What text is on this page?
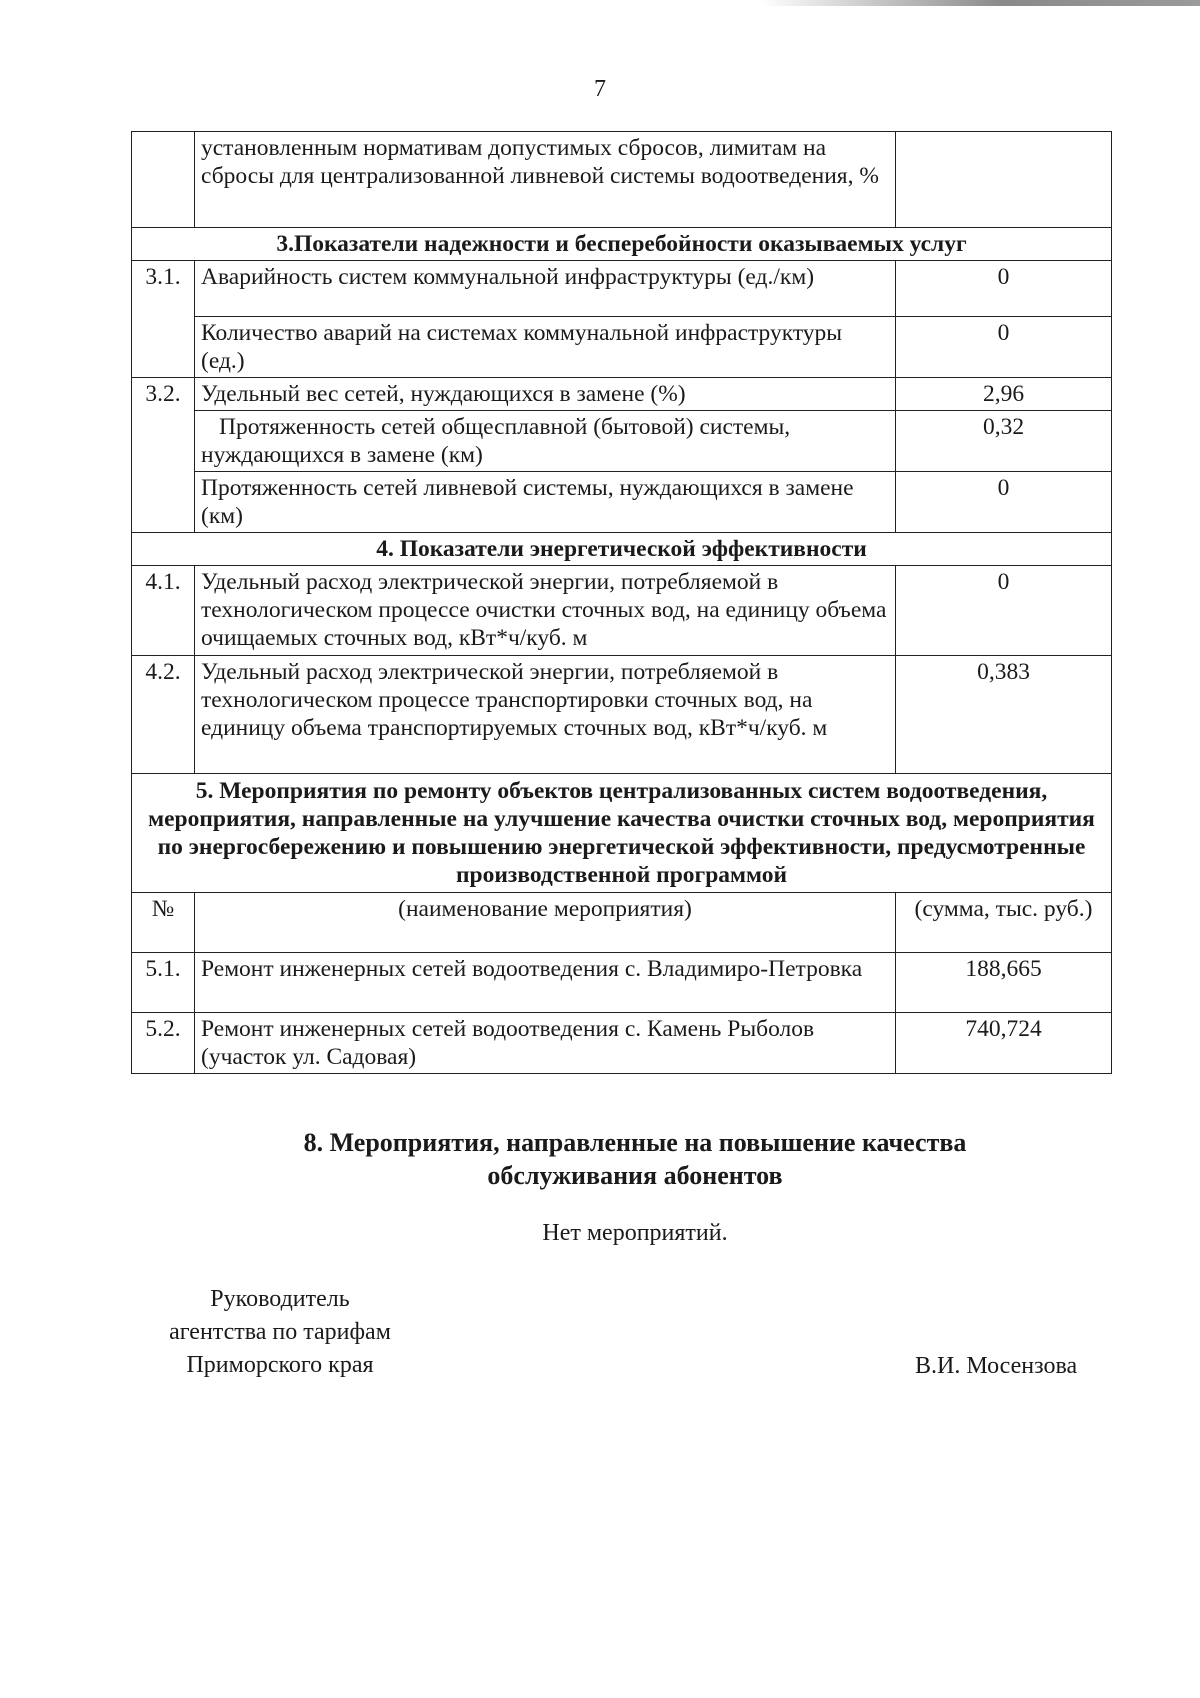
7
	установленным нормативам допустимых сбросов, лимитам на сбросы для централизованной ливневой системы водоотведения, %	
3.Показатели надежности и бесперебойности оказываемых услуг		
3.1.	Аварийность систем коммунальной инфраструктуры (ед./км)	0
	Количество аварий на системах коммунальной инфраструктуры (ед.)	0
3.2.	Удельный вес сетей, нуждающихся в замене (%)	2,96
	Протяженность сетей общесплавной (бытовой) системы, нуждающихся в замене (км)	0,32
	Протяженность сетей ливневой системы, нуждающихся в замене (км)	0
4. Показатели энергетической эффективности		
4.1.	Удельный расход электрической энергии, потребляемой в технологическом процессе очистки сточных вод, на единицу объема очищаемых сточных вод, кВт*ч/куб. м	0
4.2.	Удельный расход электрической энергии, потребляемой в технологическом процессе транспортировки сточных вод, на единицу объема транспортируемых сточных вод, кВт*ч/куб. м	0,383
5. Мероприятия по ремонту объектов централизованных систем водоотведения, мероприятия, направленные на улучшение качества очистки сточных вод, мероприятия по энергосбережению и повышению энергетической эффективности, предусмотренные производственной программой		
№	(наименование мероприятия)	(сумма, тыс. руб.)
5.1.	Ремонт инженерных сетей водоотведения с. Владимиро-Петровка	188,665
5.2.	Ремонт инженерных сетей водоотведения с. Камень Рыболов (участок ул. Садовая)	740,724
8. Мероприятия, направленные на повышение качества обслуживания абонентов
Нет мероприятий.
Руководитель
агентства по тарифам
Приморского края	В.И. Мосензова
